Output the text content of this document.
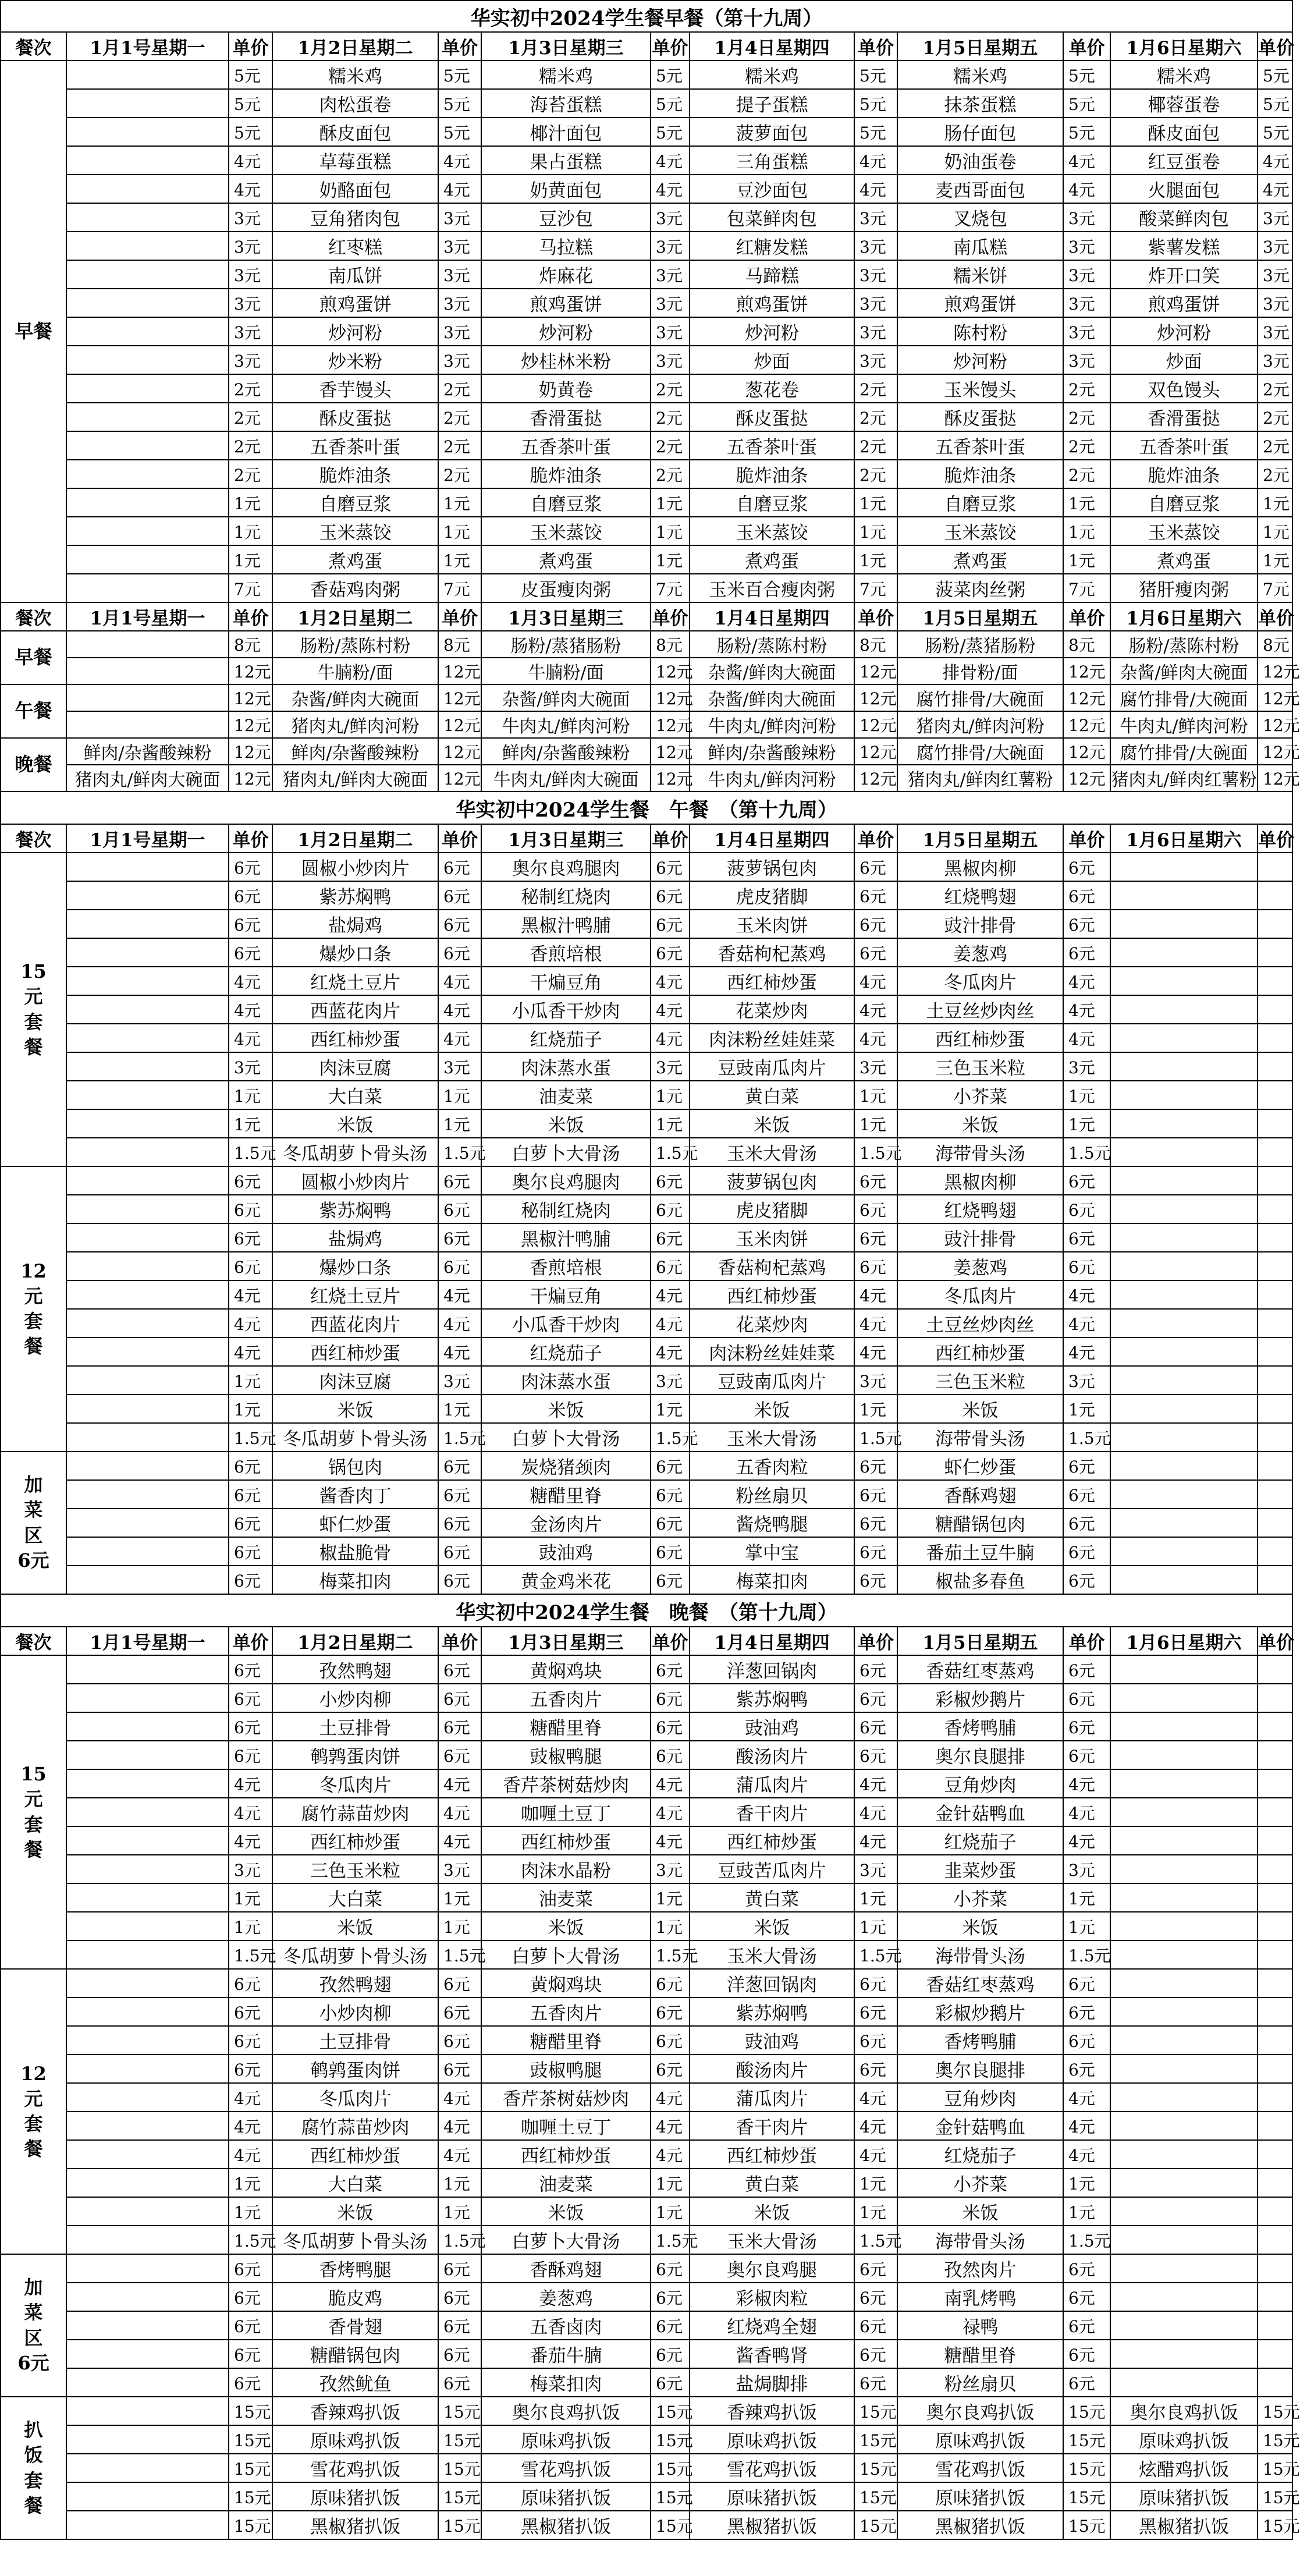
华实初中2024学生餐早餐（第十九周）												
餐次	1月1号星期一	单价	1月2日星期二	单价	1月3日星期三	单价	1月4日星期四	单价	1月5日星期五	单价	1月6日星期六	单价
早餐		5元	糯米鸡	5元	糯米鸡	5元	糯米鸡	5元	糯米鸡	5元	糯米鸡	5元
		5元	肉松蛋卷	5元	海苔蛋糕	5元	提子蛋糕	5元	抹茶蛋糕	5元	椰蓉蛋卷	5元
		5元	酥皮面包	5元	椰汁面包	5元	菠萝面包	5元	肠仔面包	5元	酥皮面包	5元
		4元	草莓蛋糕	4元	果占蛋糕	4元	三角蛋糕	4元	奶油蛋卷	4元	红豆蛋卷	4元
		4元	奶酪面包	4元	奶黄面包	4元	豆沙面包	4元	麦西哥面包	4元	火腿面包	4元
		3元	豆角猪肉包	3元	豆沙包	3元	包菜鲜肉包	3元	叉烧包	3元	酸菜鲜肉包	3元
		3元	红枣糕	3元	马拉糕	3元	红糖发糕	3元	南瓜糕	3元	紫薯发糕	3元
		3元	南瓜饼	3元	炸麻花	3元	马蹄糕	3元	糯米饼	3元	炸开口笑	3元
		3元	煎鸡蛋饼	3元	煎鸡蛋饼	3元	煎鸡蛋饼	3元	煎鸡蛋饼	3元	煎鸡蛋饼	3元
		3元	炒河粉	3元	炒河粉	3元	炒河粉	3元	陈村粉	3元	炒河粉	3元
		3元	炒米粉	3元	炒桂林米粉	3元	炒面	3元	炒河粉	3元	炒面	3元
		2元	香芋馒头	2元	奶黄卷	2元	葱花卷	2元	玉米馒头	2元	双色馒头	2元
		2元	酥皮蛋挞	2元	香滑蛋挞	2元	酥皮蛋挞	2元	酥皮蛋挞	2元	香滑蛋挞	2元
		2元	五香茶叶蛋	2元	五香茶叶蛋	2元	五香茶叶蛋	2元	五香茶叶蛋	2元	五香茶叶蛋	2元
		2元	脆炸油条	2元	脆炸油条	2元	脆炸油条	2元	脆炸油条	2元	脆炸油条	2元
		1元	自磨豆浆	1元	自磨豆浆	1元	自磨豆浆	1元	自磨豆浆	1元	自磨豆浆	1元
		1元	玉米蒸饺	1元	玉米蒸饺	1元	玉米蒸饺	1元	玉米蒸饺	1元	玉米蒸饺	1元
		1元	煮鸡蛋	1元	煮鸡蛋	1元	煮鸡蛋	1元	煮鸡蛋	1元	煮鸡蛋	1元
		7元	香菇鸡肉粥	7元	皮蛋瘦肉粥	7元	玉米百合瘦肉粥	7元	菠菜肉丝粥	7元	猪肝瘦肉粥	7元
餐次	1月1号星期一	单价	1月2日星期二	单价	1月3日星期三	单价	1月4日星期四	单价	1月5日星期五	单价	1月6日星期六	单价
早餐		8元	肠粉/蒸陈村粉	8元	肠粉/蒸猪肠粉	8元	肠粉/蒸陈村粉	8元	肠粉/蒸猪肠粉	8元	肠粉/蒸陈村粉	8元
		12元	牛腩粉/面	12元	牛腩粉/面	12元	杂酱/鲜肉大碗面	12元	排骨粉/面	12元	杂酱/鲜肉大碗面	12元
午餐		12元	杂酱/鲜肉大碗面	12元	杂酱/鲜肉大碗面	12元	杂酱/鲜肉大碗面	12元	腐竹排骨/大碗面	12元	腐竹排骨/大碗面	12元
		12元	猪肉丸/鲜肉河粉	12元	牛肉丸/鲜肉河粉	12元	牛肉丸/鲜肉河粉	12元	猪肉丸/鲜肉河粉	12元	牛肉丸/鲜肉河粉	12元
晚餐	鲜肉/杂酱酸辣粉	12元	鲜肉/杂酱酸辣粉	12元	鲜肉/杂酱酸辣粉	12元	鲜肉/杂酱酸辣粉	12元	腐竹排骨/大碗面	12元	腐竹排骨/大碗面	12元
	猪肉丸/鲜肉大碗面	12元	猪肉丸/鲜肉大碗面	12元	牛肉丸/鲜肉大碗面	12元	牛肉丸/鲜肉河粉	12元	猪肉丸/鲜肉红薯粉	12元	猪肉丸/鲜肉红薯粉	12元
华实初中2024学生餐　午餐　（第十九周）												
餐次	1月1号星期一	单价	1月2日星期二	单价	1月3日星期三	单价	1月4日星期四	单价	1月5日星期五	单价	1月6日星期六	单价

15
元
套
餐		6元	圆椒小炒肉片	6元	奥尔良鸡腿肉	6元	菠萝锅包肉	6元	黑椒肉柳	6元		
		6元	紫苏焖鸭	6元	秘制红烧肉	6元	虎皮猪脚	6元	红烧鸭翅	6元		
		6元	盐焗鸡	6元	黑椒汁鸭脯	6元	玉米肉饼	6元	豉汁排骨	6元		
		6元	爆炒口条	6元	香煎培根	6元	香菇枸杞蒸鸡	6元	姜葱鸡	6元		
		4元	红烧土豆片	4元	干煸豆角	4元	西红柿炒蛋	4元	冬瓜肉片	4元		
		4元	西蓝花肉片	4元	小瓜香干炒肉	4元	花菜炒肉	4元	土豆丝炒肉丝	4元		
		4元	西红柿炒蛋	4元	红烧茄子	4元	肉沫粉丝娃娃菜	4元	西红柿炒蛋	4元		
		3元	肉沫豆腐	3元	肉沫蒸水蛋	3元	豆豉南瓜肉片	3元	三色玉米粒	3元		
		1元	大白菜	1元	油麦菜	1元	黄白菜	1元	小芥菜	1元		
		1元	米饭	1元	米饭	1元	米饭	1元	米饭	1元		
		1.5元	冬瓜胡萝卜骨头汤	1.5元	白萝卜大骨汤	1.5元	玉米大骨汤	1.5元	海带骨头汤	1.5元		

12
元
套
餐		6元	圆椒小炒肉片	6元	奥尔良鸡腿肉	6元	菠萝锅包肉	6元	黑椒肉柳	6元		
		6元	紫苏焖鸭	6元	秘制红烧肉	6元	虎皮猪脚	6元	红烧鸭翅	6元		
		6元	盐焗鸡	6元	黑椒汁鸭脯	6元	玉米肉饼	6元	豉汁排骨	6元		
		6元	爆炒口条	6元	香煎培根	6元	香菇枸杞蒸鸡	6元	姜葱鸡	6元		
		4元	红烧土豆片	4元	干煸豆角	4元	西红柿炒蛋	4元	冬瓜肉片	4元		
		4元	西蓝花肉片	4元	小瓜香干炒肉	4元	花菜炒肉	4元	土豆丝炒肉丝	4元		
		4元	西红柿炒蛋	4元	红烧茄子	4元	肉沫粉丝娃娃菜	4元	西红柿炒蛋	4元		
		1元	肉沫豆腐	3元	肉沫蒸水蛋	3元	豆豉南瓜肉片	3元	三色玉米粒	3元		
		1元	米饭	1元	米饭	1元	米饭	1元	米饭	1元		
		1.5元	冬瓜胡萝卜骨头汤	1.5元	白萝卜大骨汤	1.5元	玉米大骨汤	1.5元	海带骨头汤	1.5元		

加
菜
区
6元		6元	锅包肉	6元	炭烧猪颈肉	6元	五香肉粒	6元	虾仁炒蛋	6元		
		6元	酱香肉丁	6元	糖醋里脊	6元	粉丝扇贝	6元	香酥鸡翅	6元		
		6元	虾仁炒蛋	6元	金汤肉片	6元	酱烧鸭腿	6元	糖醋锅包肉	6元		
		6元	椒盐脆骨	6元	豉油鸡	6元	掌中宝	6元	番茄土豆牛腩	6元		
		6元	梅菜扣肉	6元	黄金鸡米花	6元	梅菜扣肉	6元	椒盐多春鱼	6元		
华实初中2024学生餐　晚餐　（第十九周）												
餐次	1月1号星期一	单价	1月2日星期二	单价	1月3日星期三	单价	1月4日星期四	单价	1月5日星期五	单价	1月6日星期六	单价

15
元
套
餐		6元	孜然鸭翅	6元	黄焖鸡块	6元	洋葱回锅肉	6元	香菇红枣蒸鸡	6元		
		6元	小炒肉柳	6元	五香肉片	6元	紫苏焖鸭	6元	彩椒炒鹅片	6元		
		6元	土豆排骨	6元	糖醋里脊	6元	豉油鸡	6元	香烤鸭脯	6元		
		6元	鹌鹑蛋肉饼	6元	豉椒鸭腿	6元	酸汤肉片	6元	奥尔良腿排	6元		
		4元	冬瓜肉片	4元	香芹茶树菇炒肉	4元	蒲瓜肉片	4元	豆角炒肉	4元		
		4元	腐竹蒜苗炒肉	4元	咖喱土豆丁	4元	香干肉片	4元	金针菇鸭血	4元		
		4元	西红柿炒蛋	4元	西红柿炒蛋	4元	西红柿炒蛋	4元	红烧茄子	4元		
		3元	三色玉米粒	3元	肉沫水晶粉	3元	豆豉苦瓜肉片	3元	韭菜炒蛋	3元		
		1元	大白菜	1元	油麦菜	1元	黄白菜	1元	小芥菜	1元		
		1元	米饭	1元	米饭	1元	米饭	1元	米饭	1元		
		1.5元	冬瓜胡萝卜骨头汤	1.5元	白萝卜大骨汤	1.5元	玉米大骨汤	1.5元	海带骨头汤	1.5元		

12
元
套
餐		6元	孜然鸭翅	6元	黄焖鸡块	6元	洋葱回锅肉	6元	香菇红枣蒸鸡	6元		
		6元	小炒肉柳	6元	五香肉片	6元	紫苏焖鸭	6元	彩椒炒鹅片	6元		
		6元	土豆排骨	6元	糖醋里脊	6元	豉油鸡	6元	香烤鸭脯	6元		
		6元	鹌鹑蛋肉饼	6元	豉椒鸭腿	6元	酸汤肉片	6元	奥尔良腿排	6元		
		4元	冬瓜肉片	4元	香芹茶树菇炒肉	4元	蒲瓜肉片	4元	豆角炒肉	4元		
		4元	腐竹蒜苗炒肉	4元	咖喱土豆丁	4元	香干肉片	4元	金针菇鸭血	4元		
		4元	西红柿炒蛋	4元	西红柿炒蛋	4元	西红柿炒蛋	4元	红烧茄子	4元		
		1元	大白菜	1元	油麦菜	1元	黄白菜	1元	小芥菜	1元		
		1元	米饭	1元	米饭	1元	米饭	1元	米饭	1元		
		1.5元	冬瓜胡萝卜骨头汤	1.5元	白萝卜大骨汤	1.5元	玉米大骨汤	1.5元	海带骨头汤	1.5元		

加
菜
区
6元		6元	香烤鸭腿	6元	香酥鸡翅	6元	奥尔良鸡腿	6元	孜然肉片	6元		
		6元	脆皮鸡	6元	姜葱鸡	6元	彩椒肉粒	6元	南乳烤鸭	6元		
		6元	香骨翅	6元	五香卤肉	6元	红烧鸡全翅	6元	禄鸭	6元		
		6元	糖醋锅包肉	6元	番茄牛腩	6元	酱香鸭肾	6元	糖醋里脊	6元		
		6元	孜然鱿鱼	6元	梅菜扣肉	6元	盐焗脚排	6元	粉丝扇贝	6元		

扒
饭
套
餐		15元	香辣鸡扒饭	15元	奥尔良鸡扒饭	15元	香辣鸡扒饭	15元	奥尔良鸡扒饭	15元	奥尔良鸡扒饭	15元
		15元	原味鸡扒饭	15元	原味鸡扒饭	15元	原味鸡扒饭	15元	原味鸡扒饭	15元	原味鸡扒饭	15元
		15元	雪花鸡扒饭	15元	雪花鸡扒饭	15元	雪花鸡扒饭	15元	雪花鸡扒饭	15元	炫醋鸡扒饭	15元
		15元	原味猪扒饭	15元	原味猪扒饭	15元	原味猪扒饭	15元	原味猪扒饭	15元	原味猪扒饭	15元
		15元	黑椒猪扒饭	15元	黑椒猪扒饭	15元	黑椒猪扒饭	15元	黑椒猪扒饭	15元	黑椒猪扒饭	15元
